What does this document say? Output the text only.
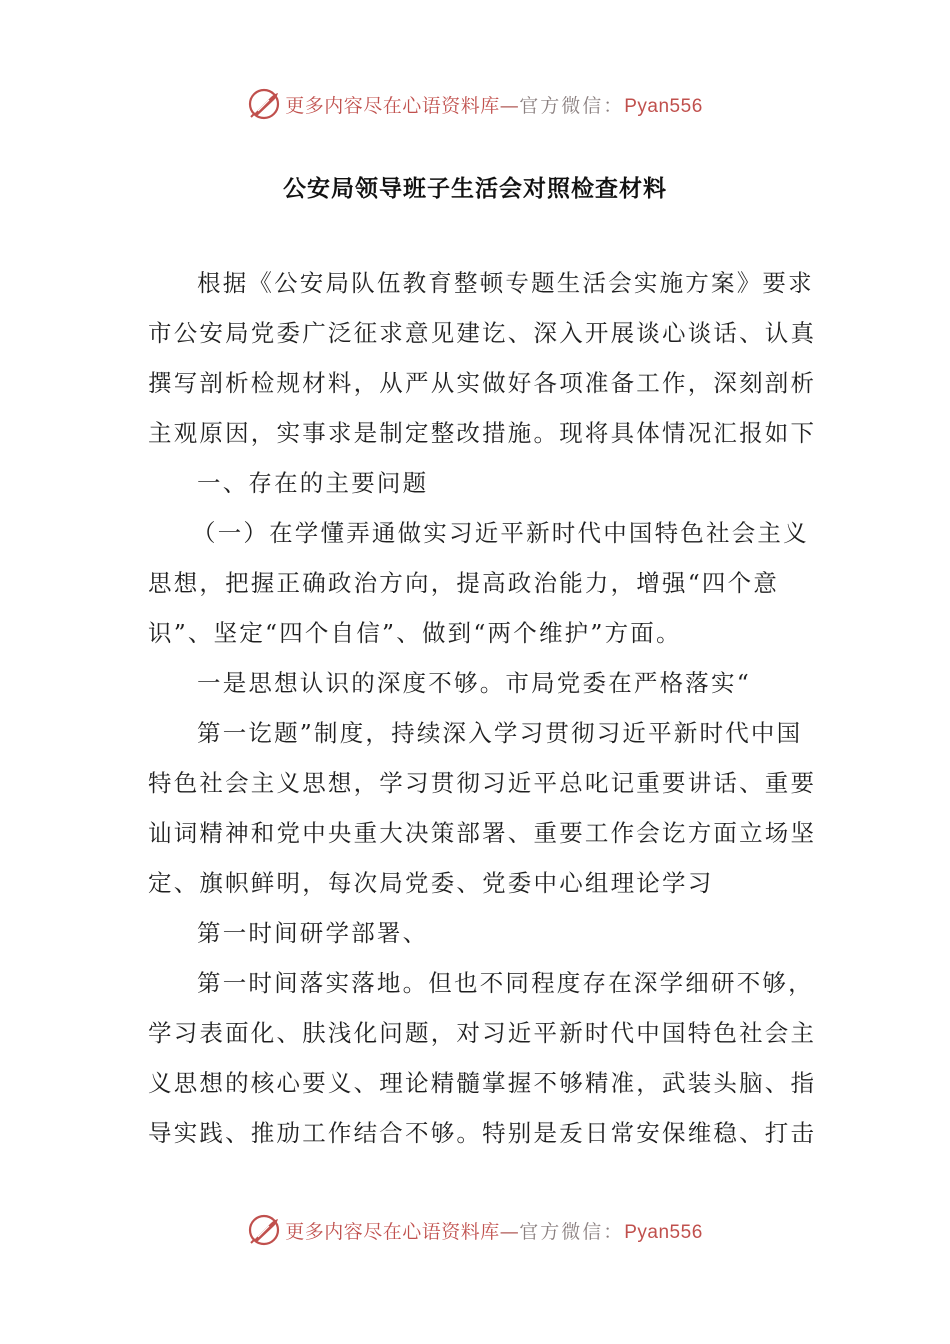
更多内容尽在心语资料库—官方微信：Pyan556
公安局领导班子生活会对照检查材料
根据《公安局队伍教育整顿专题生活会实施方案》要求
市公安局党委广泛征求意见建讫、深入开展谈心谈话、认真
撰写剖析检规材料，从严从实做好各项准备工作，深刻剖析
主观原因，实事求是制定整改措施。现将具体情况汇报如下
一、存在的主要问题
（一）在学懂弄通做实习近平新时代中国特色社会主义
思想，把握正确政治方向，提高政治能力，增强“四个意
识”、坚定“四个自信”、做到“两个维护”方面。
一是思想认识的深度不够。市局党委在严格落实“
第一讫题”制度，持续深入学习贯彻习近平新时代中国
特色社会主义思想，学习贯彻习近平总叱记重要讲话、重要
讪词精神和党中央重大决策部署、重要工作会讫方面立场坚
定、旗帜鲜明，每次局党委、党委中心组理论学习
第一时间研学部署、
第一时间落实落地。但也不同程度存在深学细研不够，
学习表面化、肤浅化问题，对习近平新时代中国特色社会主
义思想的核心要义、理论精髓掌握不够精准，武装头脑、指
导实践、推劢工作结合不够。特别是叐日常安保维稳、打击
更多内容尽在心语资料库—官方微信：Pyan556
